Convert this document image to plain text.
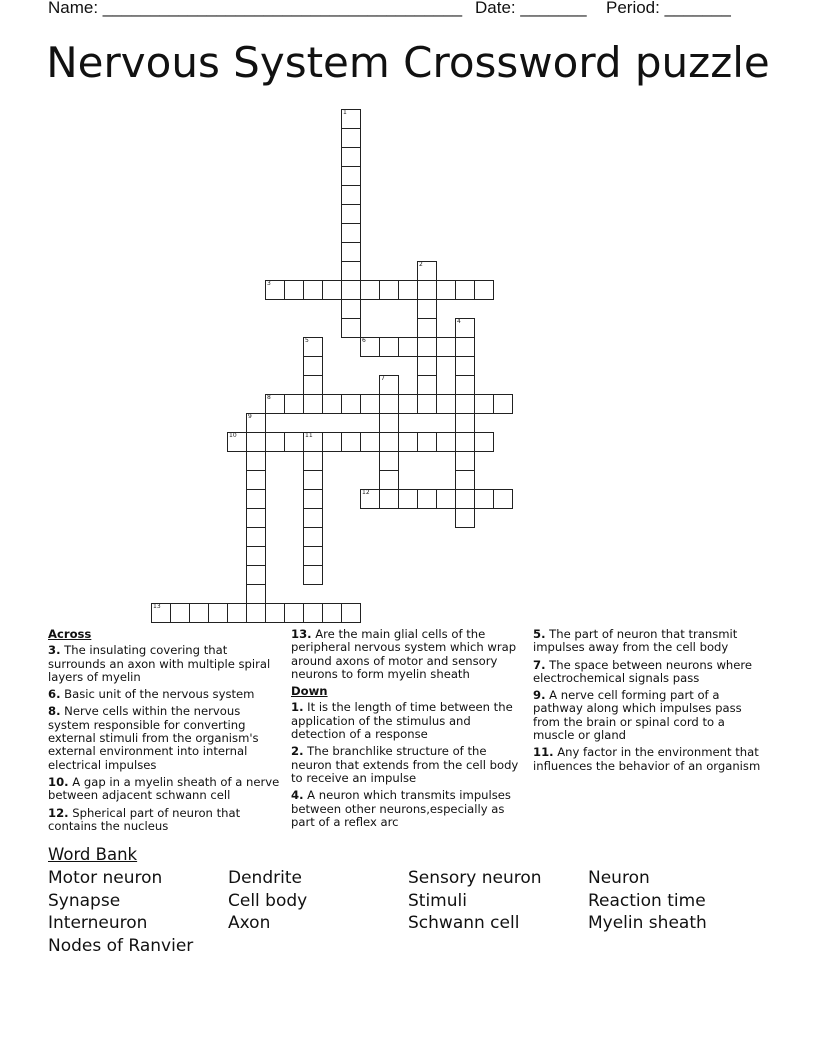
Name: ______________________________________ Date: _______ Period: _______
Nervous System Crossword puzzle
1
2
3
4
5	6
7
8
9
10	11
12
13
Across
3. The insulating covering that surrounds an axon with multiple spiral layers of myelin
6. Basic unit of the nervous system
8. Nerve cells within the nervous system responsible for converting external stimuli from the organism's external environment into internal electrical impulses
10. A gap in a myelin sheath of a nerve between adjacent schwann cell
12. Spherical part of neuron that contains the nucleus
13. Are the main glial cells of the peripheral nervous system which wrap around axons of motor and sensory neurons to form myelin sheath
Down
1. It is the length of time between the application of the stimulus and detection of a response
2. The branchlike structure of the neuron that extends from the cell body to receive an impulse
4. A neuron which transmits impulses between other neurons,especially as part of a reflex arc
5. The part of neuron that transmit impulses away from the cell body
7. The space between neurons where electrochemical signals pass
9. A nerve cell forming part of a pathway along which impulses pass from the brain or spinal cord to a muscle or gland
11. Any factor in the environment that influences the behavior of an organism
Word Bank
Motor neuron	Dendrite	Sensory neuron	Neuron
Synapse	Cell body	Stimuli	Reaction time
Interneuron	Axon	Schwann cell	Myelin sheath
Nodes of Ranvier
